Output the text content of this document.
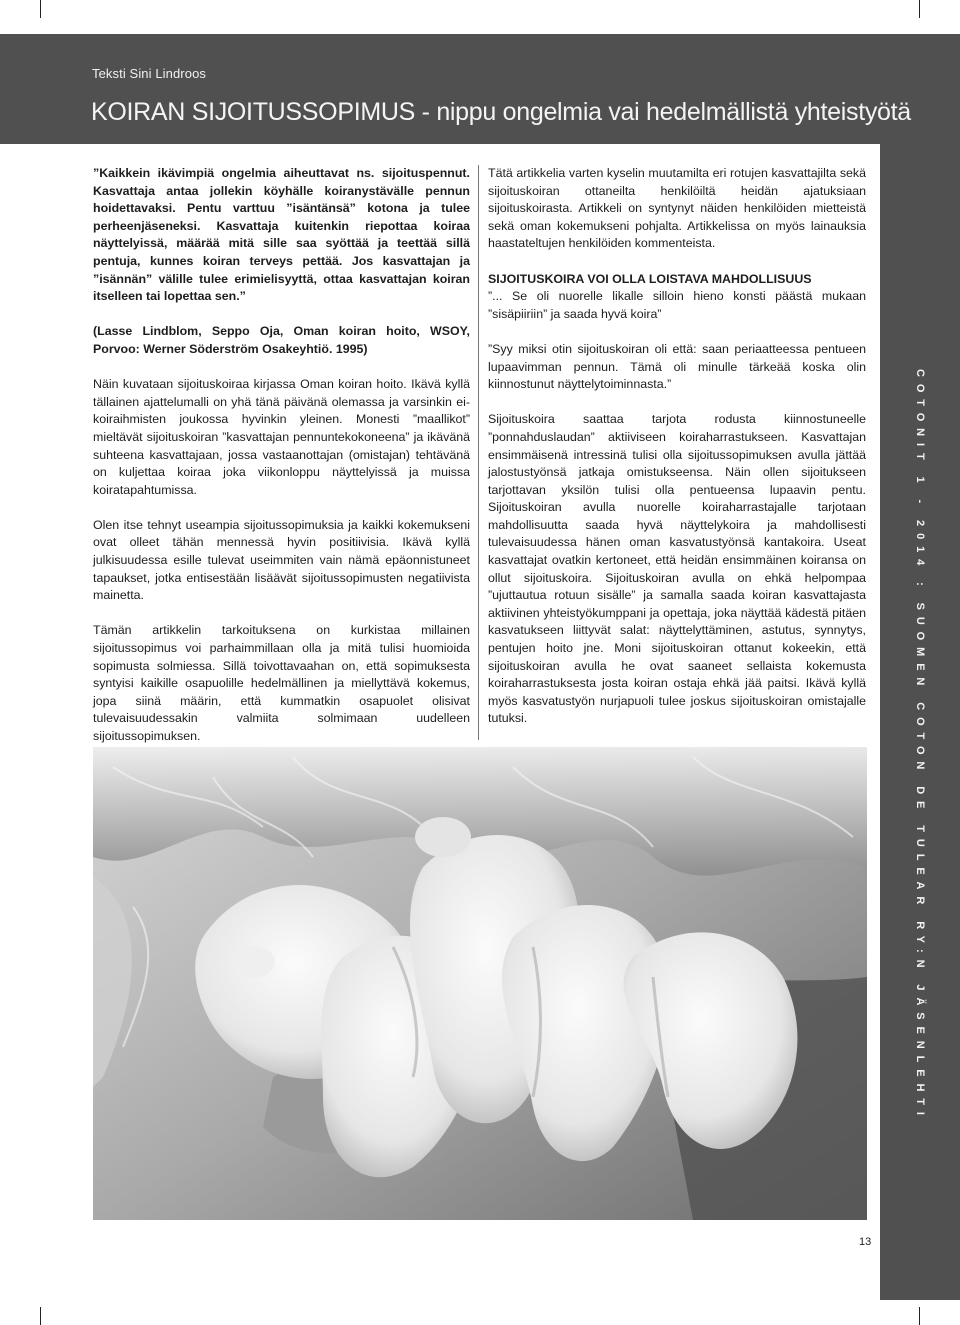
Teksti Sini Lindroos
KOIRAN SIJOITUSSOPIMUS - nippu ongelmia vai hedelmällistä yhteistyötä
COTONIT 1 - 2014 : SUOMEN COTON DE TULEAR RY:N JÄSENLEHTI

”Kaikkein ikävimpiä ongelmia aiheuttavat ns. sijoituspennut. Kasvattaja antaa jollekin köyhälle koiranystävälle pennun hoidettavaksi. Pentu varttuu ”isäntänsä” kotona ja tulee perheenjäseneksi. Kasvattaja kuitenkin riepottaa koiraa näyttelyissä, määrää mitä sille saa syöttää ja teettää sillä pentuja, kunnes koiran terveys pettää. Jos kasvattajan ja ”isännän” välille tulee erimielisyyttä, ottaa kasvattajan koiran itselleen tai lopettaa sen.”

(Lasse Lindblom, Seppo Oja, Oman koiran hoito, WSOY, Porvoo: Werner Söderström Osakeyhtiö. 1995)

Näin kuvataan sijoituskoiraa kirjassa Oman koiran hoito. Ikävä kyllä tällainen ajattelumalli on yhä tänä päivänä olemassa ja varsinkin ei-koiraihmisten joukossa hyvinkin yleinen. Monesti ”maallikot” mieltävät sijoituskoiran ”kasvattajan pennuntekokoneena” ja ikävänä suhteena kasvattajaan, jossa vastaanottajan (omistajan) tehtävänä on kuljettaa koiraa joka viikonloppu näyttelyissä ja muissa koiratapahtumissa.

Olen itse tehnyt useampia sijoitussopimuksia ja kaikki kokemukseni ovat olleet tähän mennessä hyvin positiivisia. Ikävä kyllä julkisuudessa esille tulevat useimmiten vain nämä epäonnistuneet tapaukset, jotka entisestään lisäävät sijoitussopimusten negatiivista mainetta.

Tämän artikkelin tarkoituksena on kurkistaa millainen sijoitussopimus voi parhaimmillaan olla ja mitä tulisi huomioida sopimusta solmiessa. Sillä toivottavaahan on, että sopimuksesta syntyisi kaikille osapuolille hedelmällinen ja miellyttävä kokemus, jopa siinä määrin, että kummatkin osapuolet olisivat tulevaisuudessakin valmiita solmimaan uudelleen sijoitussopimuksen.

Tätä artikkelia varten kyselin muutamilta eri rotujen kasvattajilta sekä sijoituskoiran ottaneilta henkilöiltä heidän ajatuksiaan sijoituskoirasta. Artikkeli on syntynyt näiden henkilöiden mietteistä sekä oman kokemukseni pohjalta. Artikkelissa on myös lainauksia haastateltujen henkilöiden kommenteista.

SIJOITUSKOIRA VOI OLLA LOISTAVA MAHDOLLISUUS

”... Se oli nuorelle likalle silloin hieno konsti päästä mukaan ”sisäpiiriin” ja saada hyvä koira”

”Syy miksi otin sijoituskoiran oli että: saan periaatteessa pentueen lupaavimman pennun. Tämä oli minulle tärkeää koska olin kiinnostunut näyttelytoiminnasta.”

Sijoituskoira saattaa tarjota rodusta kiinnostuneelle ”ponnahduslaudan” aktiiviseen koiraharrastukseen. Kasvattajan ensimmäisenä intressinä tulisi olla sijoitussopimuksen avulla jättää jalostustyönsä jatkaja omistukseensa. Näin ollen sijoitukseen tarjottavan yksilön tulisi olla pentueensa lupaavin pentu. Sijoituskoiran avulla nuorelle koiraharrastajalle tarjotaan mahdollisuutta saada hyvä näyttelykoira ja mahdollisesti tulevaisuudessa hänen oman kasvatustyönsä kantakoira. Useat kasvattajat ovatkin kertoneet, että heidän ensimmäinen koiransa on ollut sijoituskoira. Sijoituskoiran avulla on ehkä helpompaa ”ujuttautua rotuun sisälle” ja samalla saada koiran kasvattajasta aktiivinen yhteistyökumppani ja opettaja, joka näyttää kädestä pitäen kasvatukseen liittyvät salat: näyttelyttäminen, astutus, synnytys, pentujen hoito jne. Moni sijoituskoiran ottanut kokeekin, että sijoituskoiran avulla he ovat saaneet sellaista kokemusta koiraharrastuksesta josta koiran ostaja ehkä jää paitsi. Ikävä kyllä myös kasvatustyön nurjapuoli tulee joskus sijoituskoiran omistajalle tutuksi.

13
